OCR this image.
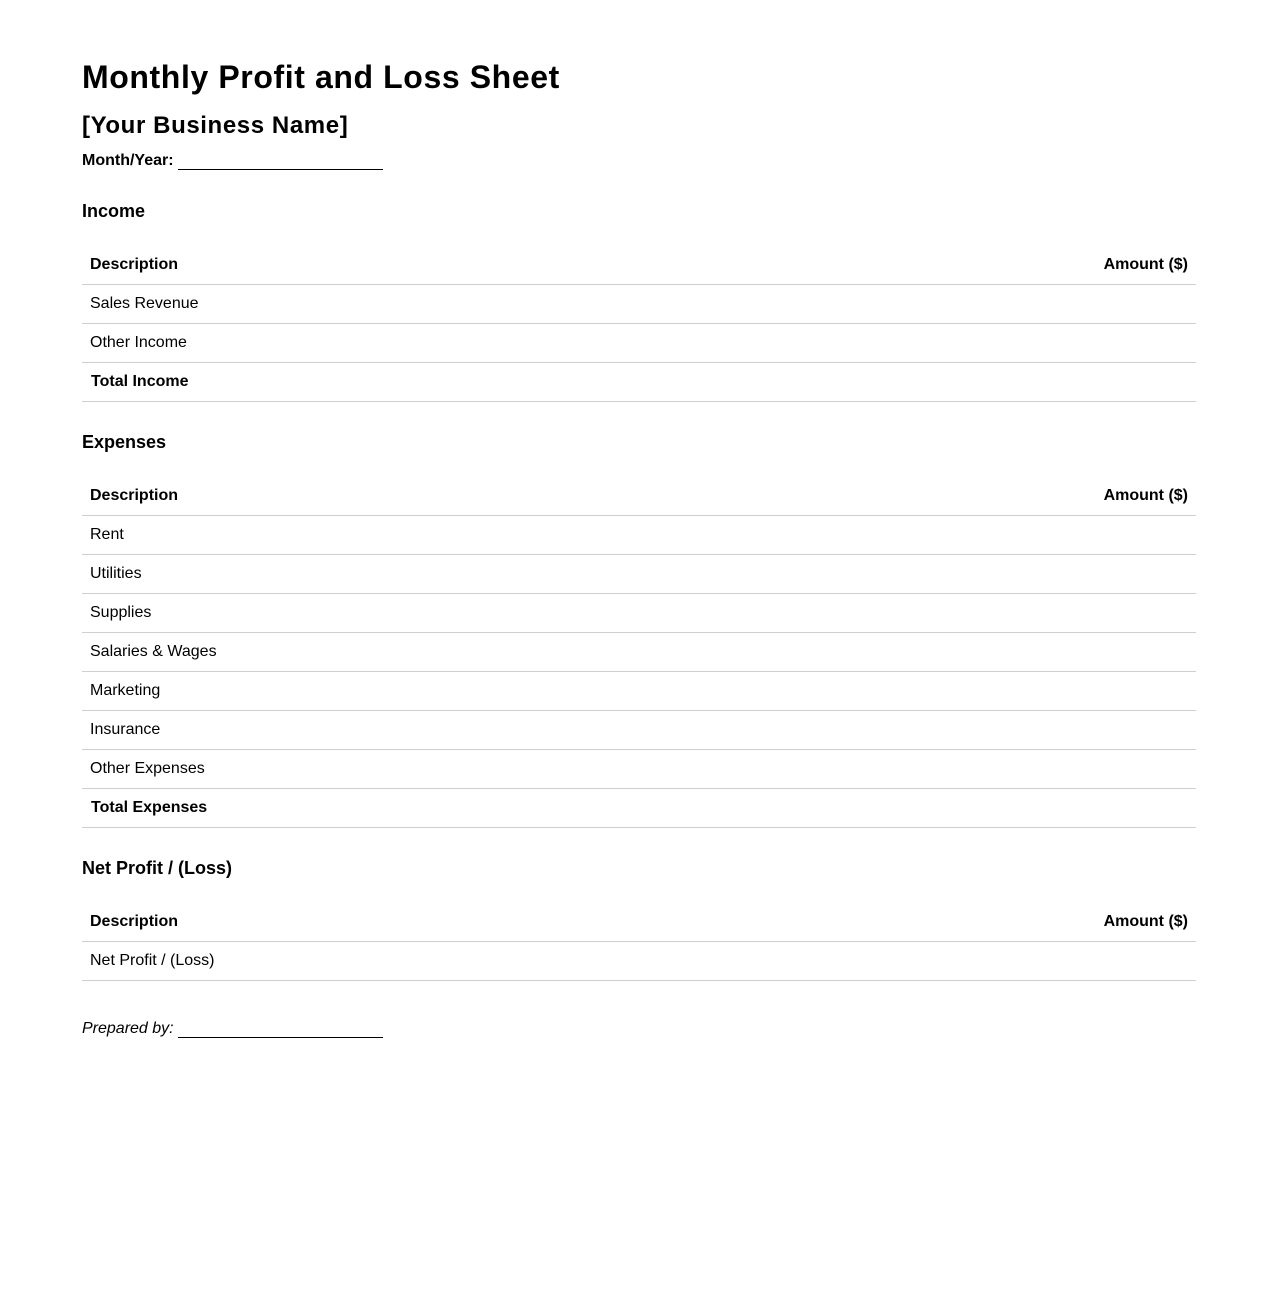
Monthly Profit and Loss Sheet
[Your Business Name]
Month/Year:
Income
Description	Amount ($)
Sales Revenue
Other Income
Total Income
Expenses
Description	Amount ($)
Rent
Utilities
Supplies
Salaries & Wages
Marketing
Insurance
Other Expenses
Total Expenses
Net Profit / (Loss)
Description	Amount ($)
Net Profit / (Loss)
Prepared by:
